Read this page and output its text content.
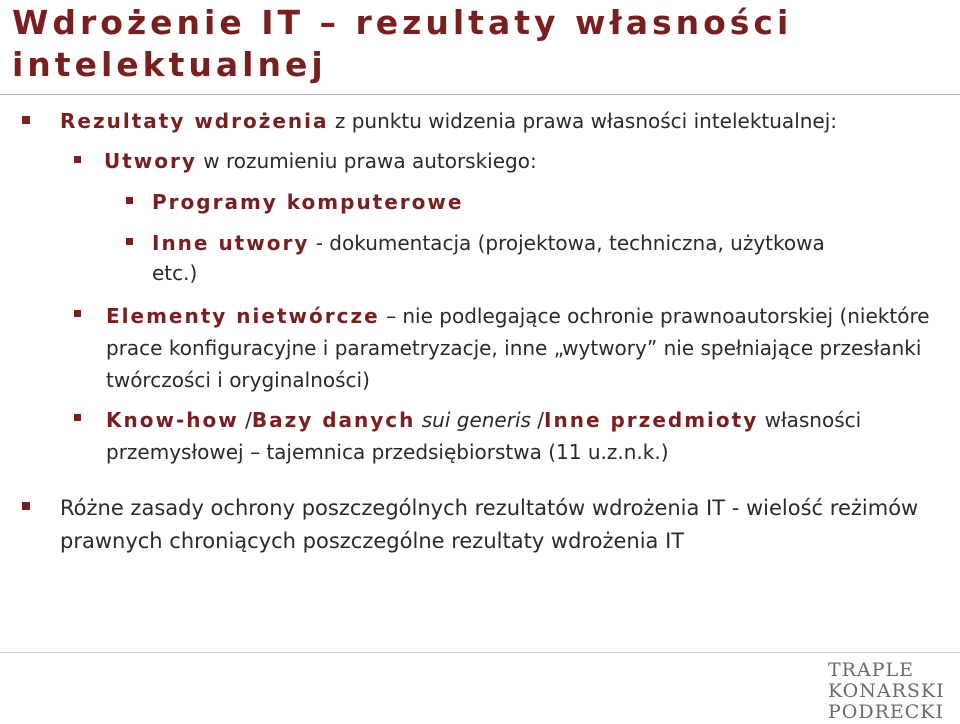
Wdrożenie IT – rezultaty własności intelektualnej
Rezultaty wdrożenia z punktu widzenia prawa własności intelektualnej:
Utwory w rozumieniu prawa autorskiego:
Programy komputerowe
Inne utwory - dokumentacja (projektowa, techniczna, użytkowa etc.)
Elementy nietwórcze – nie podlegające ochronie prawnoautorskiej (niektóre prace konfiguracyjne i parametryzacje, inne „wytwory” nie spełniające przesłanki twórczości i oryginalności)
Know-how /Bazy danych sui generis /Inne przedmioty własności przemysłowej – tajemnica przedsiębiorstwa (11 u.z.n.k.)
Różne zasady ochrony poszczególnych rezultatów wdrożenia IT - wielość reżimów prawnych chroniących poszczególne rezultaty wdrożenia IT
TRAPLE
KONARSKI
PODRECKI
